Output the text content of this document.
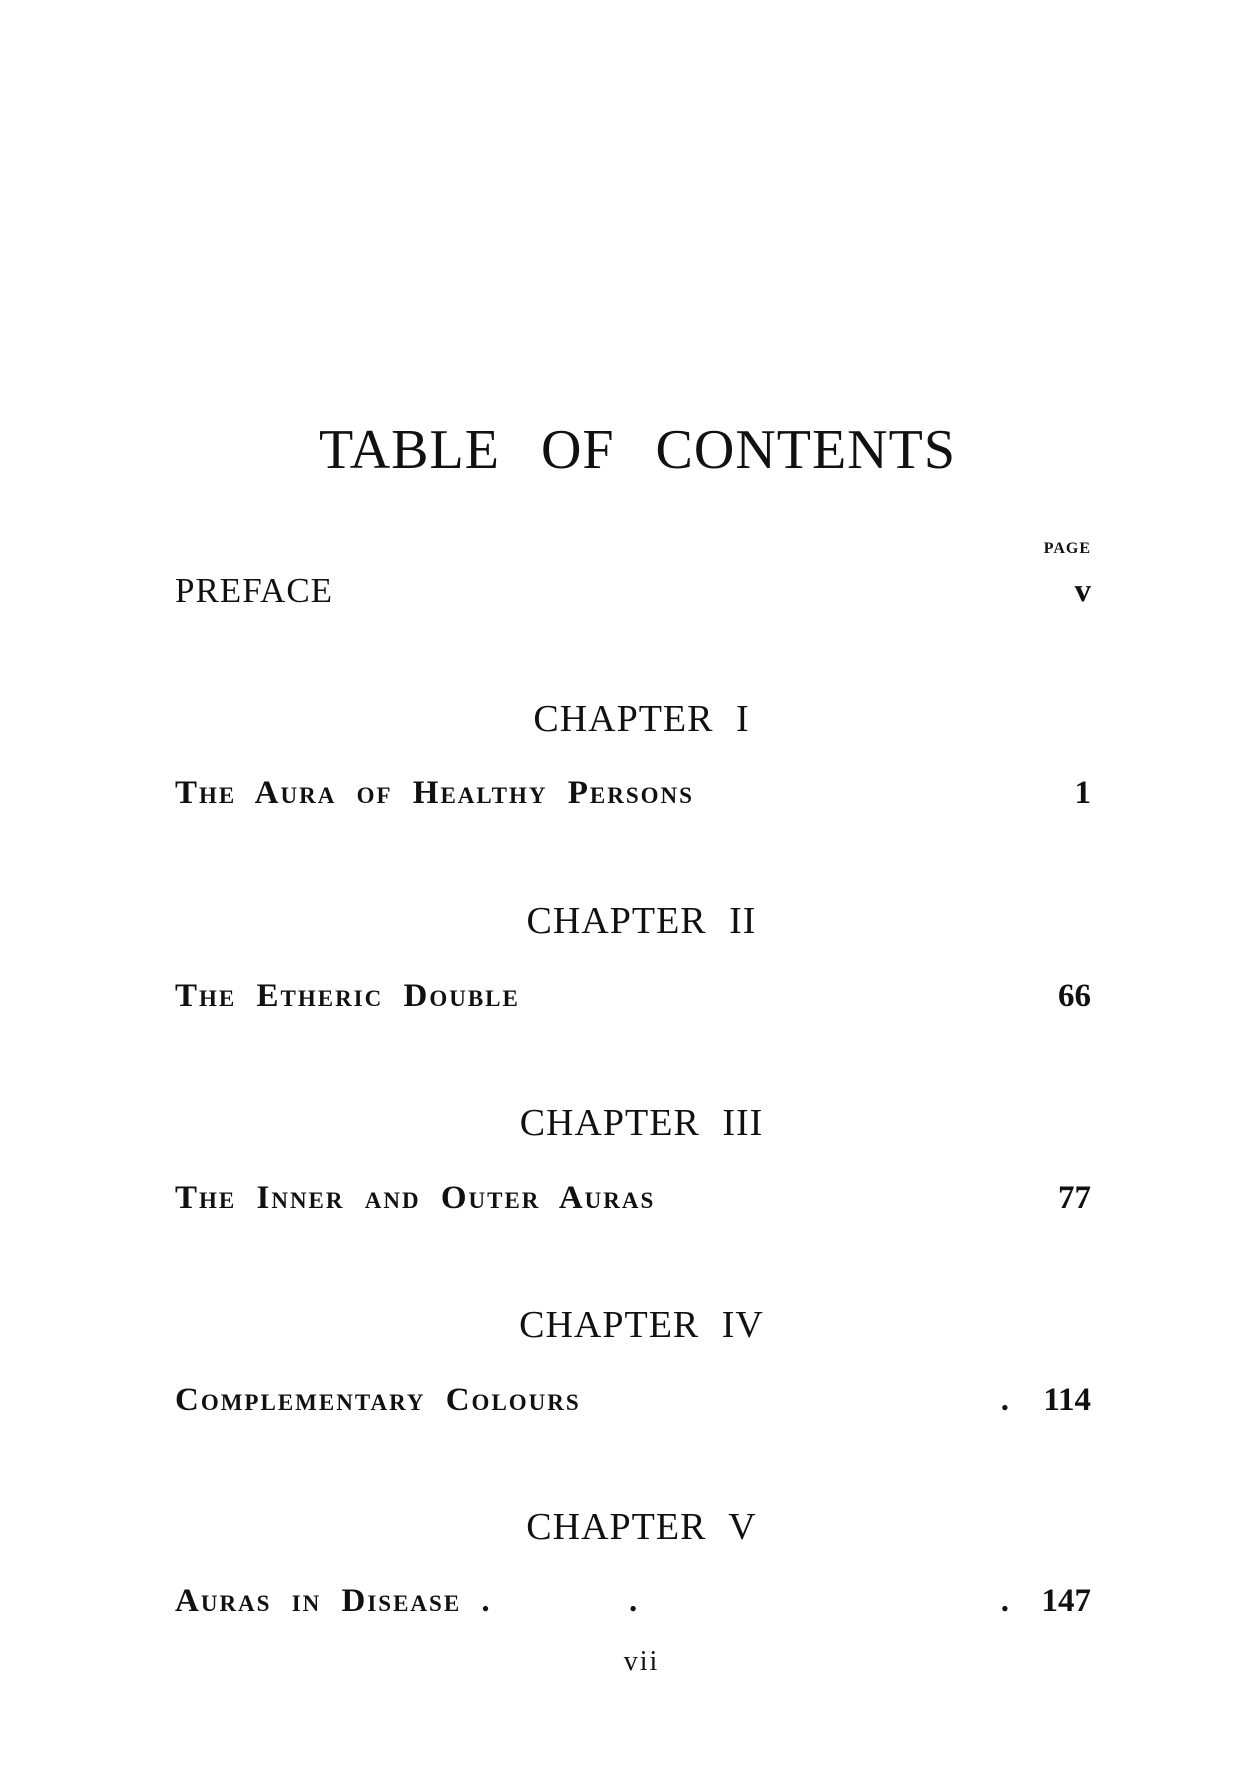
TABLE OF CONTENTS
PAGE
PREFACE	v
CHAPTER I
The Aura of Healthy Persons	1
CHAPTER II
The Etheric Double	66
CHAPTER III
The Inner and Outer Auras	77
CHAPTER IV
Complementary Colours	. 114
CHAPTER V
Auras in Disease .	.	. 147
vii
